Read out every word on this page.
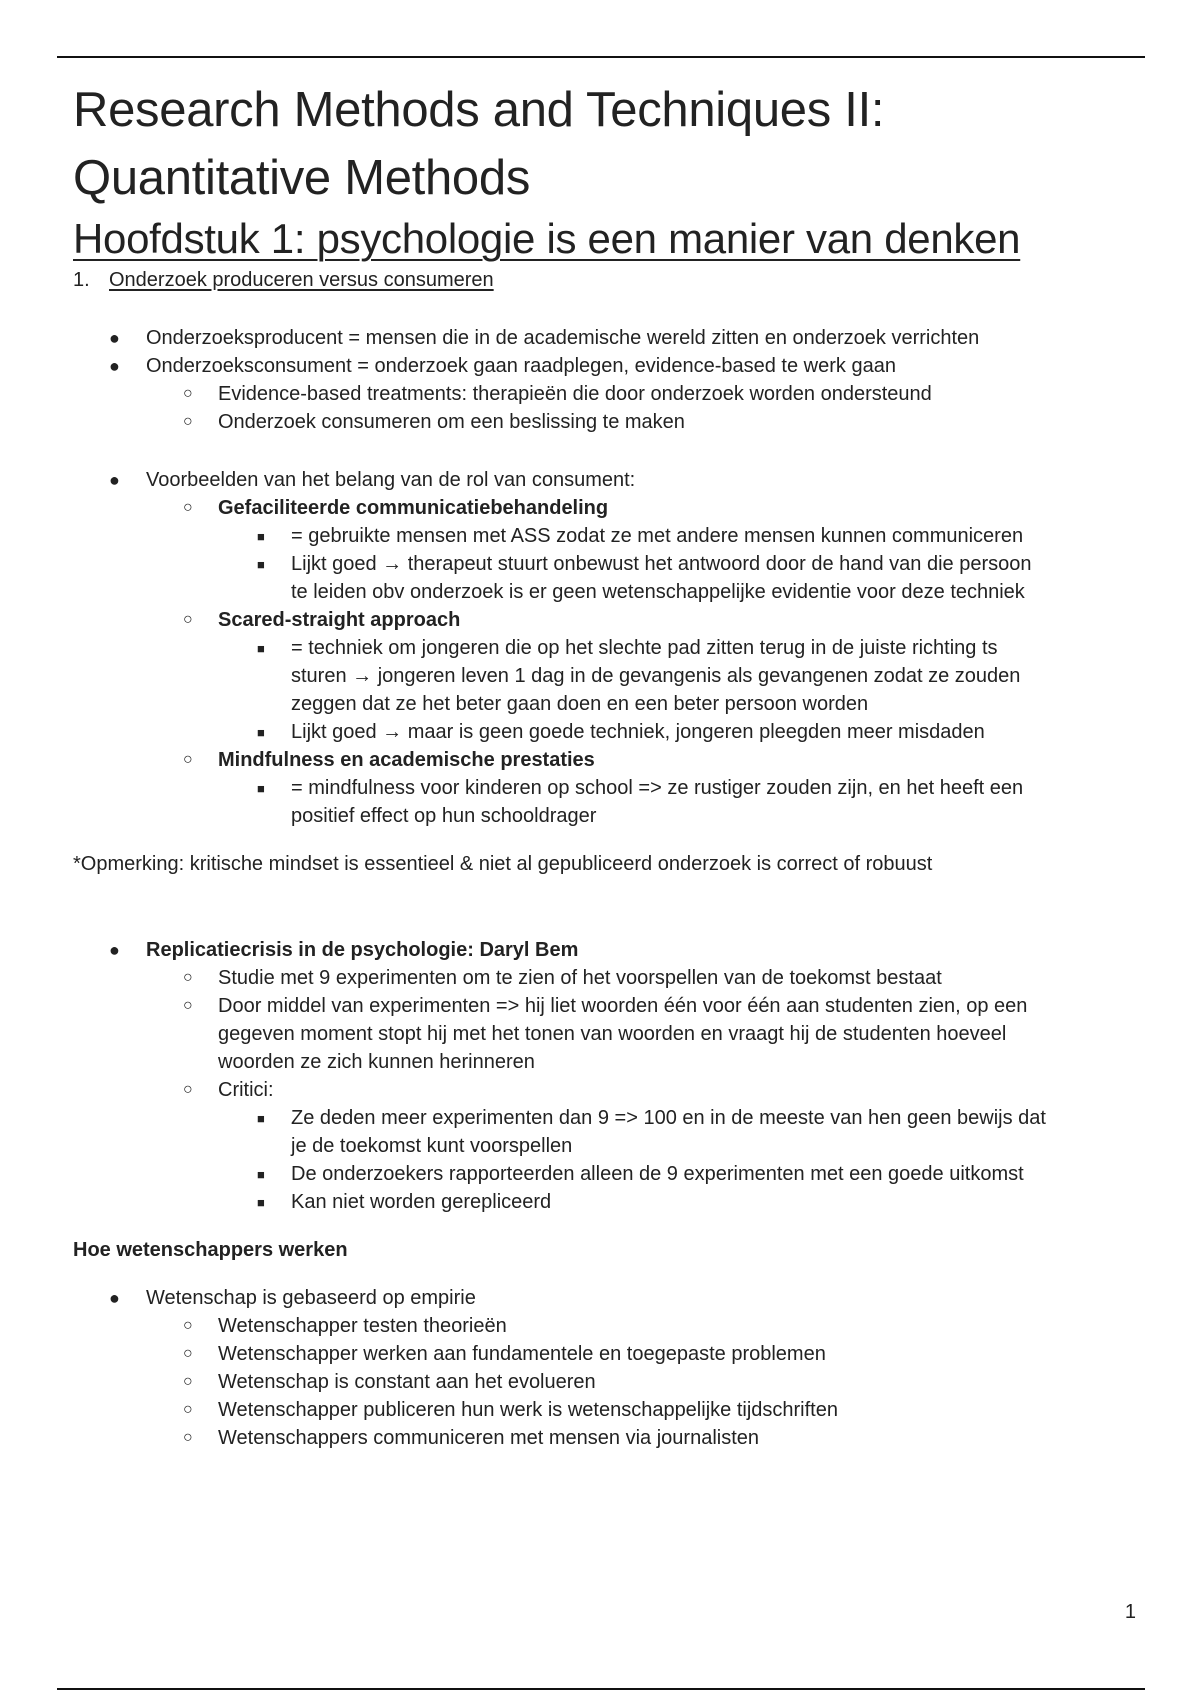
Research Methods and Techniques II:
Quantitative Methods
Hoofdstuk 1: psychologie is een manier van denken
1. Onderzoek produceren versus consumeren
● Onderzoeksproducent = mensen die in de academische wereld zitten en onderzoek verrichten
● Onderzoeksconsument = onderzoek gaan raadplegen, evidence-based te werk gaan
○ Evidence-based treatments: therapieën die door onderzoek worden ondersteund
○ Onderzoek consumeren om een beslissing te maken
● Voorbeelden van het belang van de rol van consument:
○ Gefaciliteerde communicatiebehandeling
■ = gebruikte mensen met ASS zodat ze met andere mensen kunnen communiceren
■ Lijkt goed → therapeut stuurt onbewust het antwoord door de hand van die persoon
te leiden obv onderzoek is er geen wetenschappelijke evidentie voor deze techniek
○ Scared-straight approach
■ = techniek om jongeren die op het slechte pad zitten terug in de juiste richting ts
sturen → jongeren leven 1 dag in de gevangenis als gevangenen zodat ze zouden
zeggen dat ze het beter gaan doen en een beter persoon worden
■ Lijkt goed → maar is geen goede techniek, jongeren pleegden meer misdaden
○ Mindfulness en academische prestaties
■ = mindfulness voor kinderen op school => ze rustiger zouden zijn, en het heeft een
positief effect op hun schooldrager
*Opmerking: kritische mindset is essentieel & niet al gepubliceerd onderzoek is correct of robuust
● Replicatiecrisis in de psychologie: Daryl Bem
○ Studie met 9 experimenten om te zien of het voorspellen van de toekomst bestaat
○ Door middel van experimenten => hij liet woorden één voor één aan studenten zien, op een
gegeven moment stopt hij met het tonen van woorden en vraagt hij de studenten hoeveel
woorden ze zich kunnen herinneren
○ Critici:
■ Ze deden meer experimenten dan 9 => 100 en in de meeste van hen geen bewijs dat
je de toekomst kunt voorspellen
■ De onderzoekers rapporteerden alleen de 9 experimenten met een goede uitkomst
■ Kan niet worden gerepliceerd
Hoe wetenschappers werken
● Wetenschap is gebaseerd op empirie
○ Wetenschapper testen theorieën
○ Wetenschapper werken aan fundamentele en toegepaste problemen
○ Wetenschap is constant aan het evolueren
○ Wetenschapper publiceren hun werk is wetenschappelijke tijdschriften
○ Wetenschappers communiceren met mensen via journalisten
1
